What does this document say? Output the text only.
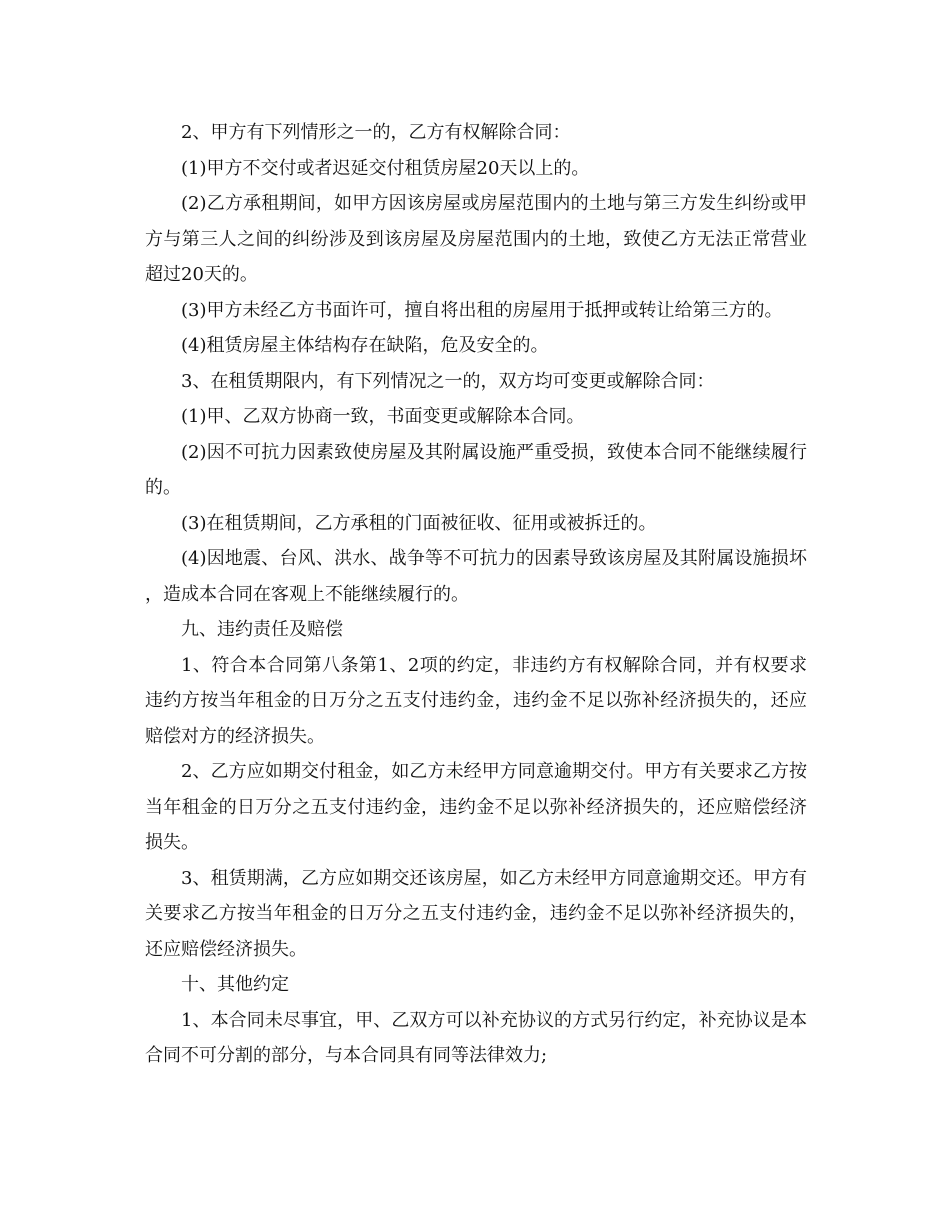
2、甲方有下列情形之一的，乙方有权解除合同：

(1)甲方不交付或者迟延交付租赁房屋20天以上的。

(2)乙方承租期间，如甲方因该房屋或房屋范围内的土地与第三方发生纠纷或甲方与第三人之间的纠纷涉及到该房屋及房屋范围内的土地，致使乙方无法正常营业超过20天的。

(3)甲方未经乙方书面许可，擅自将出租的房屋用于抵押或转让给第三方的。

(4)租赁房屋主体结构存在缺陷，危及安全的。

3、在租赁期限内，有下列情况之一的，双方均可变更或解除合同：

(1)甲、乙双方协商一致，书面变更或解除本合同。

(2)因不可抗力因素致使房屋及其附属设施严重受损，致使本合同不能继续履行的。

(3)在租赁期间，乙方承租的门面被征收、征用或被拆迁的。

(4)因地震、台风、洪水、战争等不可抗力的因素导致该房屋及其附属设施损坏，造成本合同在客观上不能继续履行的。

九、违约责任及赔偿

1、符合本合同第八条第1、2项的约定，非违约方有权解除合同，并有权要求违约方按当年租金的日万分之五支付违约金，违约金不足以弥补经济损失的，还应赔偿对方的经济损失。

2、乙方应如期交付租金，如乙方未经甲方同意逾期交付。甲方有关要求乙方按当年租金的日万分之五支付违约金，违约金不足以弥补经济损失的，还应赔偿经济损失。

3、租赁期满，乙方应如期交还该房屋，如乙方未经甲方同意逾期交还。甲方有关要求乙方按当年租金的日万分之五支付违约金，违约金不足以弥补经济损失的，还应赔偿经济损失。

十、其他约定

1、本合同未尽事宜，甲、乙双方可以补充协议的方式另行约定，补充协议是本合同不可分割的部分，与本合同具有同等法律效力;
